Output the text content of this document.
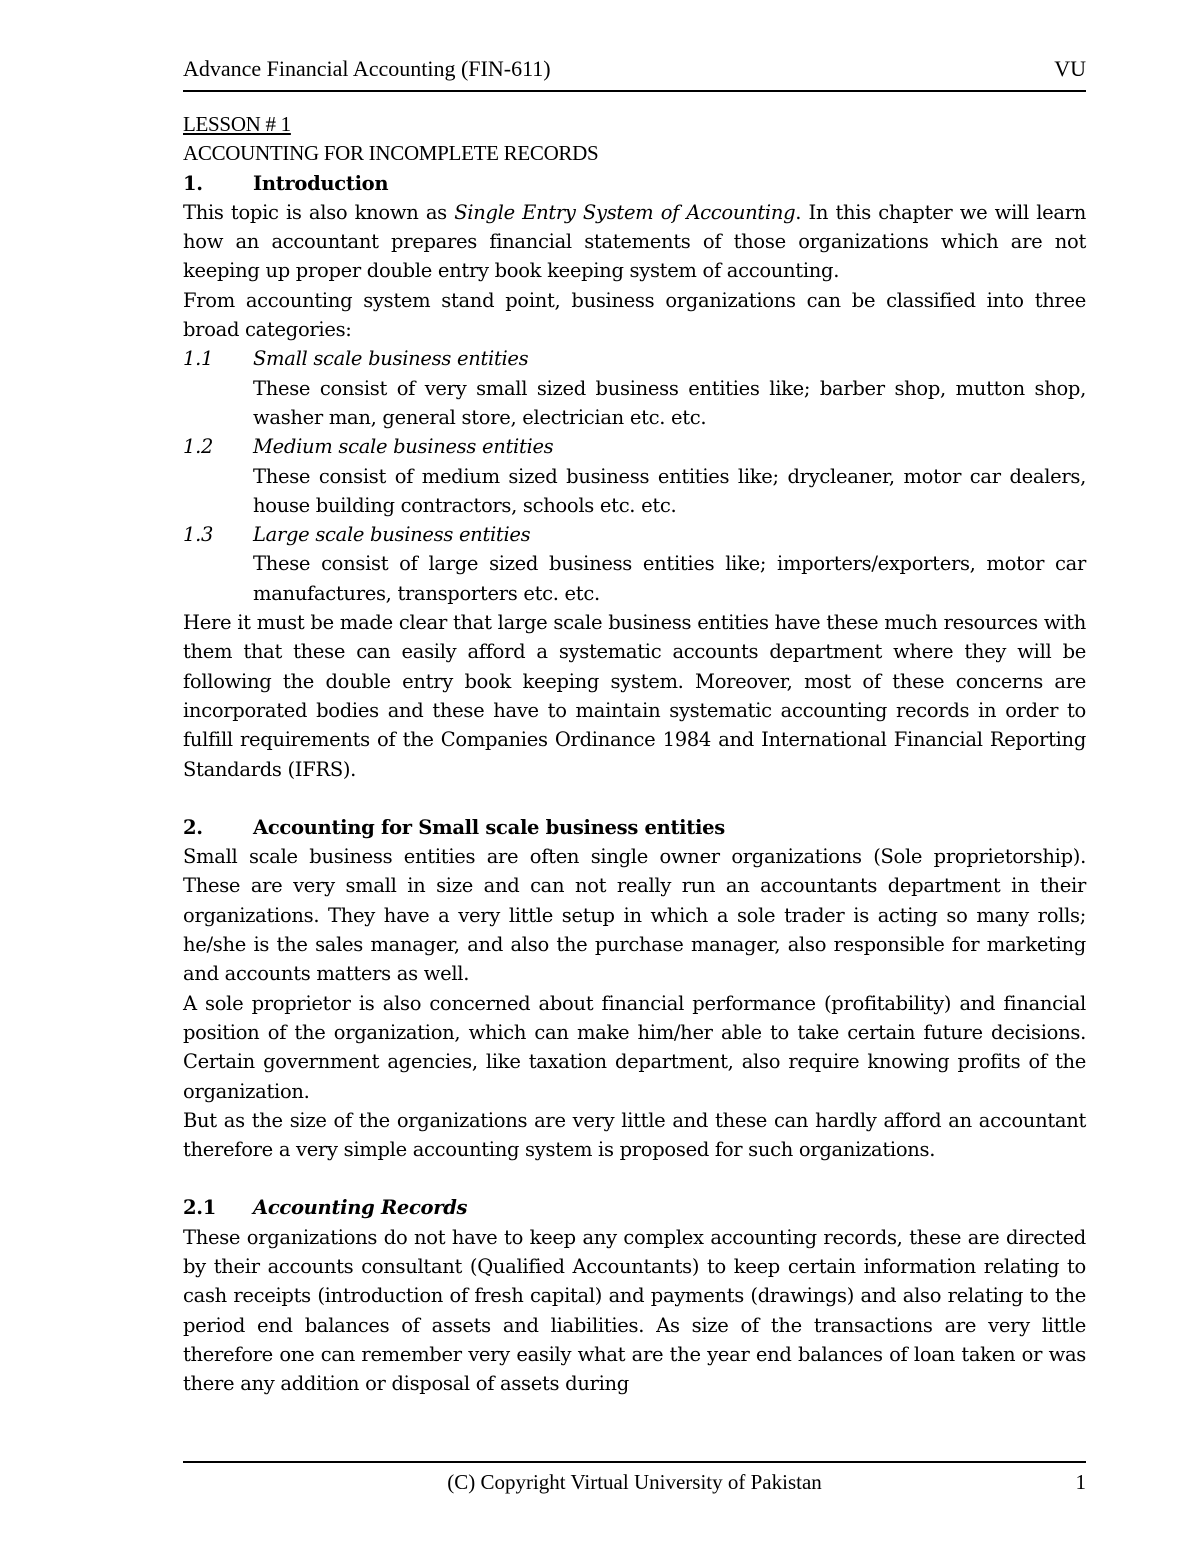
Advance Financial Accounting (FIN-611)	VU

LESSON # 1

ACCOUNTING FOR INCOMPLETE RECORDS

1.	Introduction

This topic is also known as Single Entry System of Accounting. In this chapter we will learn how an accountant prepares financial statements of those organizations which are not keeping up proper double entry book keeping system of accounting.

From accounting system stand point, business organizations can be classified into three broad categories:

1.1	Small scale business entities

These consist of very small sized business entities like; barber shop, mutton shop, washer man, general store, electrician etc. etc.

1.2	Medium scale business entities

These consist of medium sized business entities like; drycleaner, motor car dealers, house building contractors, schools etc. etc.

1.3	Large scale business entities

These consist of large sized business entities like; importers/exporters, motor car manufactures, transporters etc. etc.

Here it must be made clear that large scale business entities have these much resources with them that these can easily afford a systematic accounts department where they will be following the double entry book keeping system. Moreover, most of these concerns are incorporated bodies and these have to maintain systematic accounting records in order to fulfill requirements of the Companies Ordinance 1984 and International Financial Reporting Standards (IFRS).

2.	Accounting for Small scale business entities

Small scale business entities are often single owner organizations (Sole proprietorship). These are very small in size and can not really run an accountants department in their organizations. They have a very little setup in which a sole trader is acting so many rolls; he/she is the sales manager, and also the purchase manager, also responsible for marketing and accounts matters as well.

A sole proprietor is also concerned about financial performance (profitability) and financial position of the organization, which can make him/her able to take certain future decisions. Certain government agencies, like taxation department, also require knowing profits of the organization.

But as the size of the organizations are very little and these can hardly afford an accountant therefore a very simple accounting system is proposed for such organizations.

2.1	Accounting Records

These organizations do not have to keep any complex accounting records, these are directed by their accounts consultant (Qualified Accountants) to keep certain information relating to cash receipts (introduction of fresh capital) and payments (drawings) and also relating to the period end balances of assets and liabilities. As size of the transactions are very little therefore one can remember very easily what are the year end balances of loan taken or was there any addition or disposal of assets during

(C) Copyright Virtual University of Pakistan	1
